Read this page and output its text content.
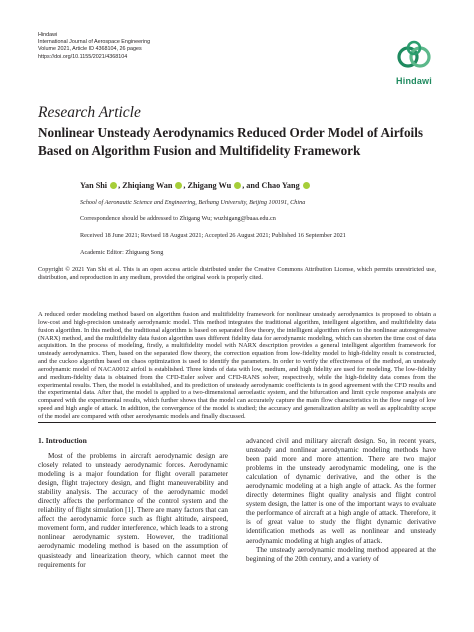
Hindawi
International Journal of Aerospace Engineering
Volume 2021, Article ID 4368104, 26 pages
https://doi.org/10.1155/2021/4368104
Hindawi
Research Article
Nonlinear Unsteady Aerodynamics Reduced Order Model of Airfoils Based on Algorithm Fusion and Multifidelity Framework
Yan Shi , Zhiqiang Wan , Zhigang Wu , and Chao Yang
School of Aeronautic Science and Engineering, Beihang University, Beijing 100191, China
Correspondence should be addressed to Zhigang Wu; wuzhigang@buaa.edu.cn
Received 18 June 2021; Revised 18 August 2021; Accepted 26 August 2021; Published 16 September 2021
Academic Editor: Zhiguang Song
Copyright © 2021 Yan Shi et al. This is an open access article distributed under the Creative Commons Attribution License, which permits unrestricted use, distribution, and reproduction in any medium, provided the original work is properly cited.
A reduced order modeling method based on algorithm fusion and multifidelity framework for nonlinear unsteady aerodynamics is proposed to obtain a low-cost and high-precision unsteady aerodynamic model. This method integrates the traditional algorithm, intelligent algorithm, and multifidelity data fusion algorithm. In this method, the traditional algorithm is based on separated flow theory, the intelligent algorithm refers to the nonlinear autoregressive (NARX) method, and the multifidelity data fusion algorithm uses different fidelity data for aerodynamic modeling, which can shorten the time cost of data acquisition. In the process of modeling, firstly, a multifidelity model with NARX description provides a general intelligent algorithm framework for unsteady aerodynamics. Then, based on the separated flow theory, the correction equation from low-fidelity model to high-fidelity result is constructed, and the cuckoo algorithm based on chaos optimization is used to identify the parameters. In order to verify the effectiveness of the method, an unsteady aerodynamic model of NACA0012 airfoil is established. Three kinds of data with low, medium, and high fidelity are used for modeling. The low-fidelity and medium-fidelity data is obtained from the CFD-Euler solver and CFD-RANS solver, respectively, while the high-fidelity data comes from the experimental results. Then, the model is established, and its prediction of unsteady aerodynamic coefficients is in good agreement with the CFD results and the experimental data. After that, the model is applied to a two-dimensional aeroelastic system, and the bifurcation and limit cycle response analysis are compared with the experimental results, which further shows that the model can accurately capture the main flow characteristics in the flow range of low speed and high angle of attack. In addition, the convergence of the model is studied; the accuracy and generalization ability as well as applicability scope of the model are compared with other aerodynamic models and finally discussed.
1. Introduction
Most of the problems in aircraft aerodynamic design are closely related to unsteady aerodynamic forces. Aerodynamic modeling is a major foundation for flight overall parameter design, flight trajectory design, and flight maneuverability and stability analysis. The accuracy of the aerodynamic model directly affects the performance of the control system and the reliability of flight simulation [1]. There are many factors that can affect the aerodynamic force such as flight altitude, airspeed, movement form, and rudder interference, which leads to a strong nonlinear aerodynamic system. However, the traditional aerodynamic modeling method is based on the assumption of quasisteady and linearization theory, which cannot meet the requirements for
advanced civil and military aircraft design. So, in recent years, unsteady and nonlinear aerodynamic modeling methods have been paid more and more attention. There are two major problems in the unsteady aerodynamic modeling, one is the calculation of dynamic derivative, and the other is the aerodynamic modeling at a high angle of attack. As the former directly determines flight quality analysis and flight control system design, the latter is one of the important ways to evaluate the performance of aircraft at a high angle of attack. Therefore, it is of great value to study the flight dynamic derivative identification methods as well as nonlinear and unsteady aerodynamic modeling at high angles of attack.
The unsteady aerodynamic modeling method appeared at the beginning of the 20th century, and a variety of
